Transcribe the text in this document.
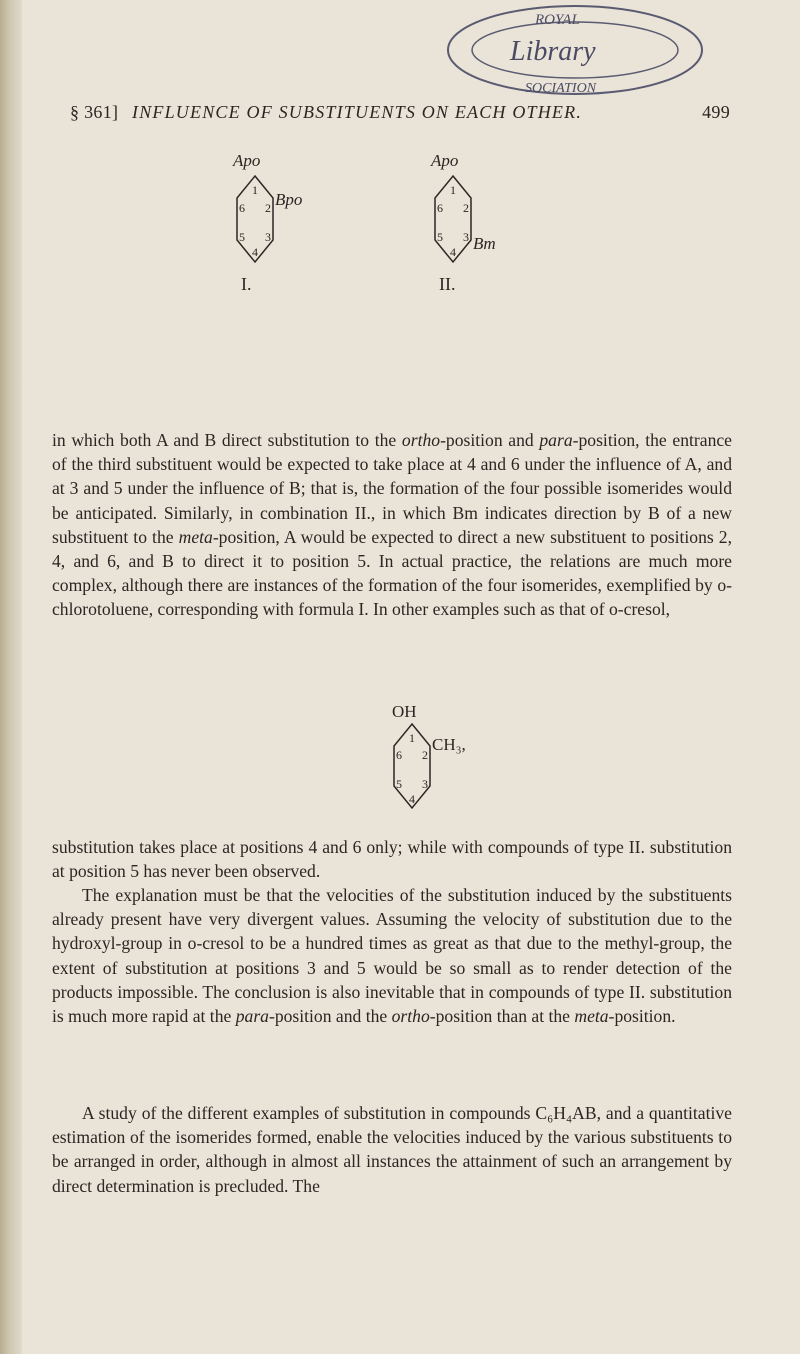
ROYAL
Library
SOCIATION
§ 361] INFLUENCE OF SUBSTITUENTS ON EACH OTHER.	499
Apo
1
2
3
4
5
6 Bpo
I.
Apo
1
2
3
4
5
6
Bm
II.

in which both A and B direct substitution to the ortho-position and para-position, the entrance of the third substituent would be expected to take place at 4 and 6 under the influence of A, and at 3 and 5 under the influence of B; that is, the formation of the four possible isomerides would be anticipated. Similarly, in combination II., in which Bm indicates direction by B of a new substituent to the meta-position, A would be expected to direct a new substituent to positions 2, 4, and 6, and B to direct it to position 5. In actual practice, the relations are much more complex, although there are instances of the formation of the four isomerides, exemplified by o-chlorotoluene, corresponding with formula I. In other examples such as that of o-cresol,

OH
1
2
3
4
5
6
CH₃,

substitution takes place at positions 4 and 6 only; while with compounds of type II. substitution at position 5 has never been observed.

The explanation must be that the velocities of the substitution induced by the substituents already present have very divergent values. Assuming the velocity of substitution due to the hydroxyl-group in o-cresol to be a hundred times as great as that due to the methyl-group, the extent of substitution at positions 3 and 5 would be so small as to render detection of the products impossible. The conclusion is also inevitable that in compounds of type II. substitution is much more rapid at the para-position and the ortho-position than at the meta-position.

A study of the different examples of substitution in compounds C₆H₄AB, and a quantitative estimation of the isomerides formed, enable the velocities induced by the various substituents to be arranged in order, although in almost all instances the attainment of such an arrangement by direct determination is precluded. The
